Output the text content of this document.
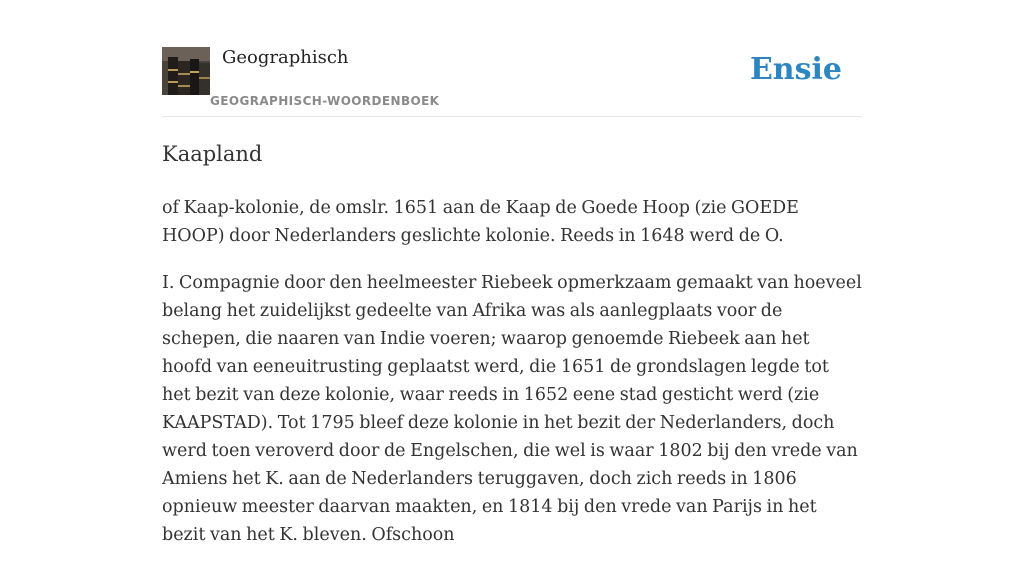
Geographisch
GEOGRAPHISCH-WOORDENBOEK
Ensie
Kaapland

of Kaap-kolonie, de omslr. 1651 aan de Kaap de Goede Hoop (zie GOEDE HOOP) door Nederlanders geslichte kolonie. Reeds in 1648 werd de O.

I. Compagnie door den heelmeester Riebeek opmerkzaam gemaakt van hoeveel belang het zuidelijkst gedeelte van Afrika was als aanlegplaats voor de schepen, die naaren van Indie voeren; waarop genoemde Riebeek aan het hoofd van eeneuitrusting geplaatst werd, die 1651 de grondslagen legde tot het bezit van deze kolonie, waar reeds in 1652 eene stad gesticht werd (zie KAAPSTAD). Tot 1795 bleef deze kolonie in het bezit der Nederlanders, doch werd toen veroverd door de Engelschen, die wel is waar 1802 bij den vrede van Amiens het K. aan de Nederlanders teruggaven, doch zich reeds in 1806 opnieuw meester daarvan maakten, en 1814 bij den vrede van Parijs in het bezit van het K. bleven. Ofschoon
